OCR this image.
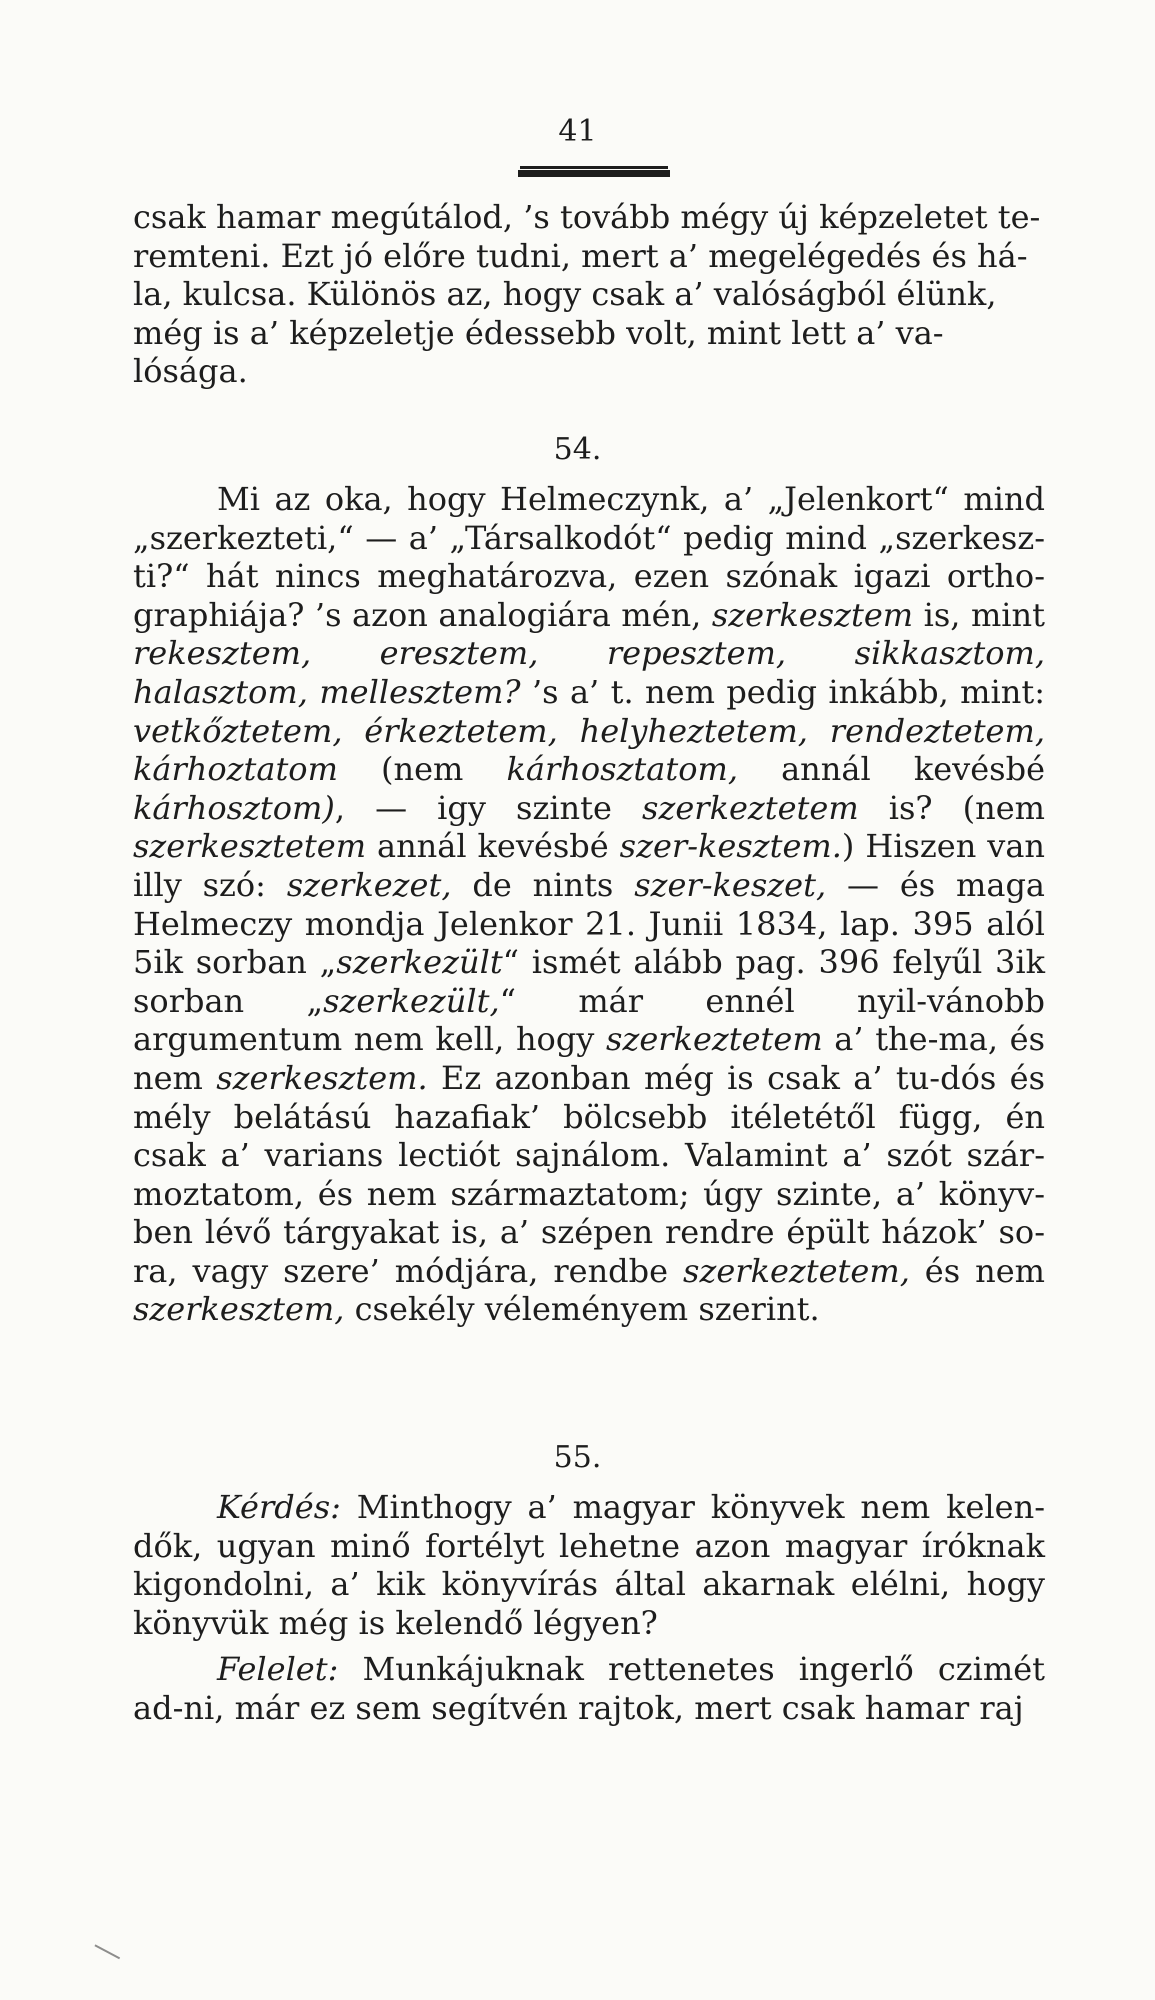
41
csak hamar megútálod, ’s tovább mégy új képzeletet te-
remteni. Ezt jó előre tudni, mert a’ megelégedés és há-
la, kulcsa. Különös az, hogy csak a’ valóságból élünk,
még is a’ képzeletje édessebb volt, mint lett a’ va-
lósága.
54.
Mi az oka, hogy Helmeczynk, a’ „Jelenkort“ mind „szerkezteti,“ — a’ „Társalkodót“ pedig mind „szerkesz-ti?“ hát nincs meghatározva, ezen szónak igazi ortho-graphiája? ’s azon analogiára mén, szerkesztem is, mint rekesztem, eresztem, repesztem, sikkasztom, halasztom, mellesztem? ’s a’ t. nem pedig inkább, mint: vetkőztetem, érkeztetem, helyheztetem, rendeztetem, kárhoztatom (nem kárhosztatom, annál kevésbé kárhosztom), — igy szinte szerkeztetem is? (nem szerkesztetem annál kevésbé szer-kesztem.) Hiszen van illy szó: szerkezet, de nints szer-keszet, — és maga Helmeczy mondja Jelenkor 21. Junii 1834, lap. 395 alól 5ik sorban „szerkezült“ ismét alább pag. 396 felyűl 3ik sorban „szerkezült,“ már ennél nyil-vánobb argumentum nem kell, hogy szerkeztetem a’ the-ma, és nem szerkesztem. Ez azonban még is csak a’ tu-dós és mély belátású hazafiak’ bölcsebb itéletétől függ, én csak a’ varians lectiót sajnálom. Valamint a’ szót szár-moztatom, és nem származtatom; úgy szinte, a’ könyv-ben lévő tárgyakat is, a’ szépen rendre épült házok’ so-ra, vagy szere’ módjára, rendbe szerkeztetem, és nem szerkesztem, csekély véleményem szerint.
55.
Kérdés: Minthogy a’ magyar könyvek nem kelen-dők, ugyan minő fortélyt lehetne azon magyar íróknak kigondolni, a’ kik könyvírás által akarnak elélni, hogy könyvük még is kelendő légyen?
Felelet: Munkájuknak rettenetes ingerlő czimét ad-ni, már ez sem segítvén rajtok, mert csak hamar raj
